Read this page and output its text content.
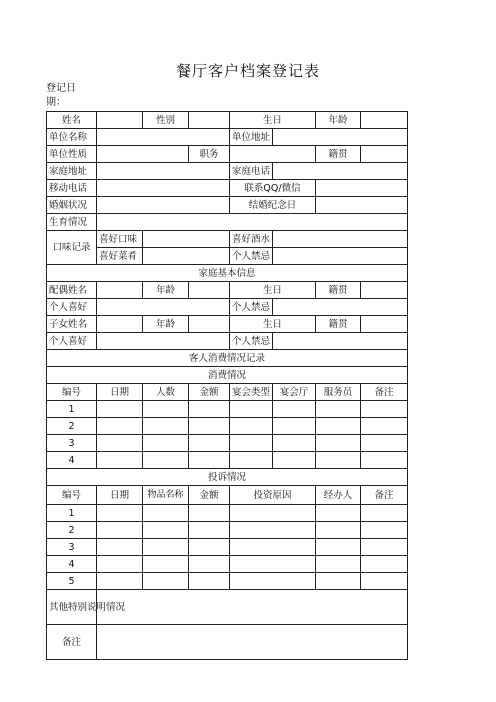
餐厅客户档案登记表
登记日期：
姓名		性别		生日		年龄	
单位名称				单位地址			
单位性质			职务			籍贯	
家庭地址				家庭电话			
移动电话				联系QQ/微信			
婚姻状况				结婚纪念日			
生育情况							
口味记录	喜好口味			喜好酒水			
	喜好菜肴			个人禁忌			
家庭基本信息							
配偶姓名		年龄		生日		籍贯	
个人喜好				个人禁忌			
子女姓名		年龄		生日		籍贯	
个人喜好				个人禁忌			
客人消费情况记录							
消费情况							
编号	日期	人数	金额	宴会类型	宴会厅	服务员	备注
1							
2							
3							
4							
投诉情况							
编号	日期	物品名称	金额	投资原因		经办人	备注
1							
2							
3							
4							
5							
其他特别说明情况							
备注							
